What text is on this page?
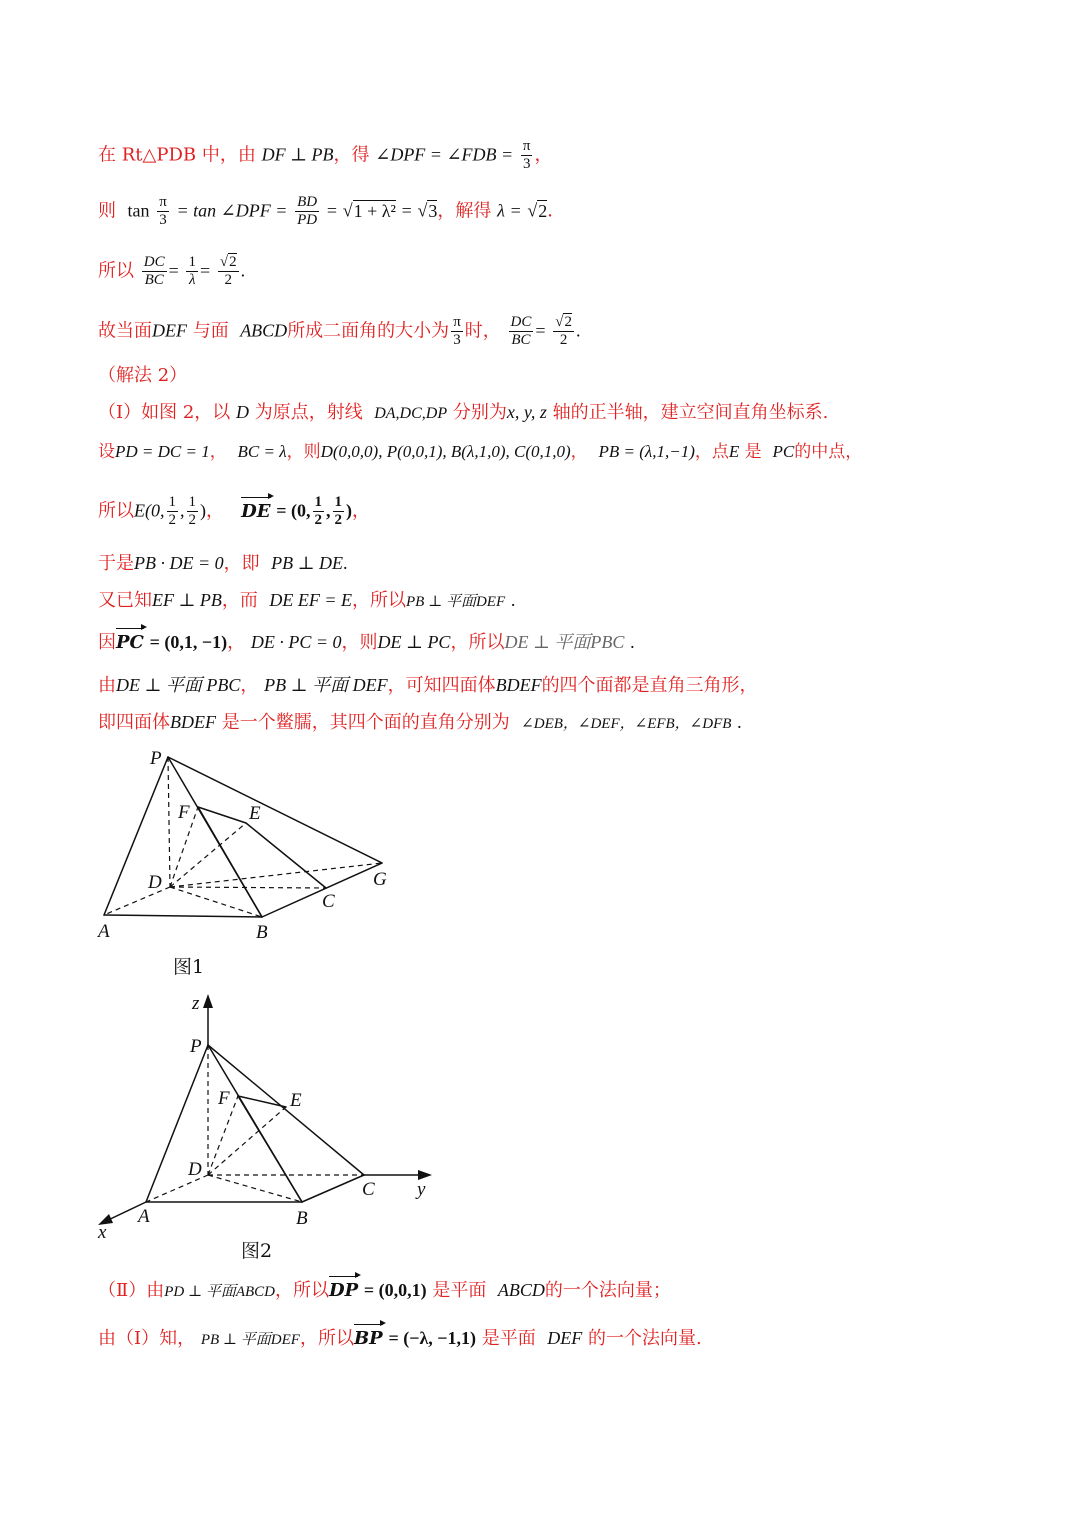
在 Rt△PDB 中，由 DF ⊥ PB，得 ∠DPF = ∠FDB = $\frac{\pi}{3}$ ，
则 $\tan \frac{\pi}{3} = \tan$ ∠DPF = $\frac{BD}{PD} = √1 + \lambda^2 = √3$，解得 λ = √2．
所以 $\frac{DC}{BC} = \frac{1}{\lambda} = \frac{√2}{2}$ .
故当面DEF 与面 ABCD所成二面角的大小为 $\frac{\pi}{3}$ 时， $\frac{DC}{BC} = \frac{√2}{2}$ .
（解法 2）
（Ⅰ）如图 2，以 D 为原点，射线 DA,DC,DP 分别为x, y, z 轴的正半轴，建立空间直角坐标系.
设PD = DC = 1， BC = λ，则D(0,0,0), P(0,0,1), B(λ,1,0), C(0,1,0)， PB = (λ,1,−1)，点E 是 PC的中点，
所以E(0, $\frac{1}{2}$ , $\frac{1}{2}$ )， DE = (0, $\frac{1}{2}$ , $\frac{1}{2}$ )，
于是PB · DE = 0，即 PB ⊥ DE.
又已知EF ⊥ PB，而 DE EF = E，所以PB ⊥ 平面DEF .
因PC = (0,1, −1)， DE · PC = 0，则DE ⊥ PC，所以DE ⊥ 平面PBC .
由DE ⊥ 平面 PBC， PB ⊥ 平面 DEF，可知四面体BDEF的四个面都是直角三角形，
即四面体BDEF 是一个鳖臑，其四个面的直角分别为 ∠DEB，∠DEF，∠EFB，∠DFB .
P
F	E
D	G
C
A	B
图1
z
P
F	E
D
C y
A	B
x
图2
（Ⅱ）由PD ⊥ 平面ABCD，所以DP = (0,0,1) 是平面 ABCD的一个法向量；
由（Ⅰ）知， PB ⊥ 平面DEF，所以BP = (−λ, −1,1) 是平面 DEF 的一个法向量.
